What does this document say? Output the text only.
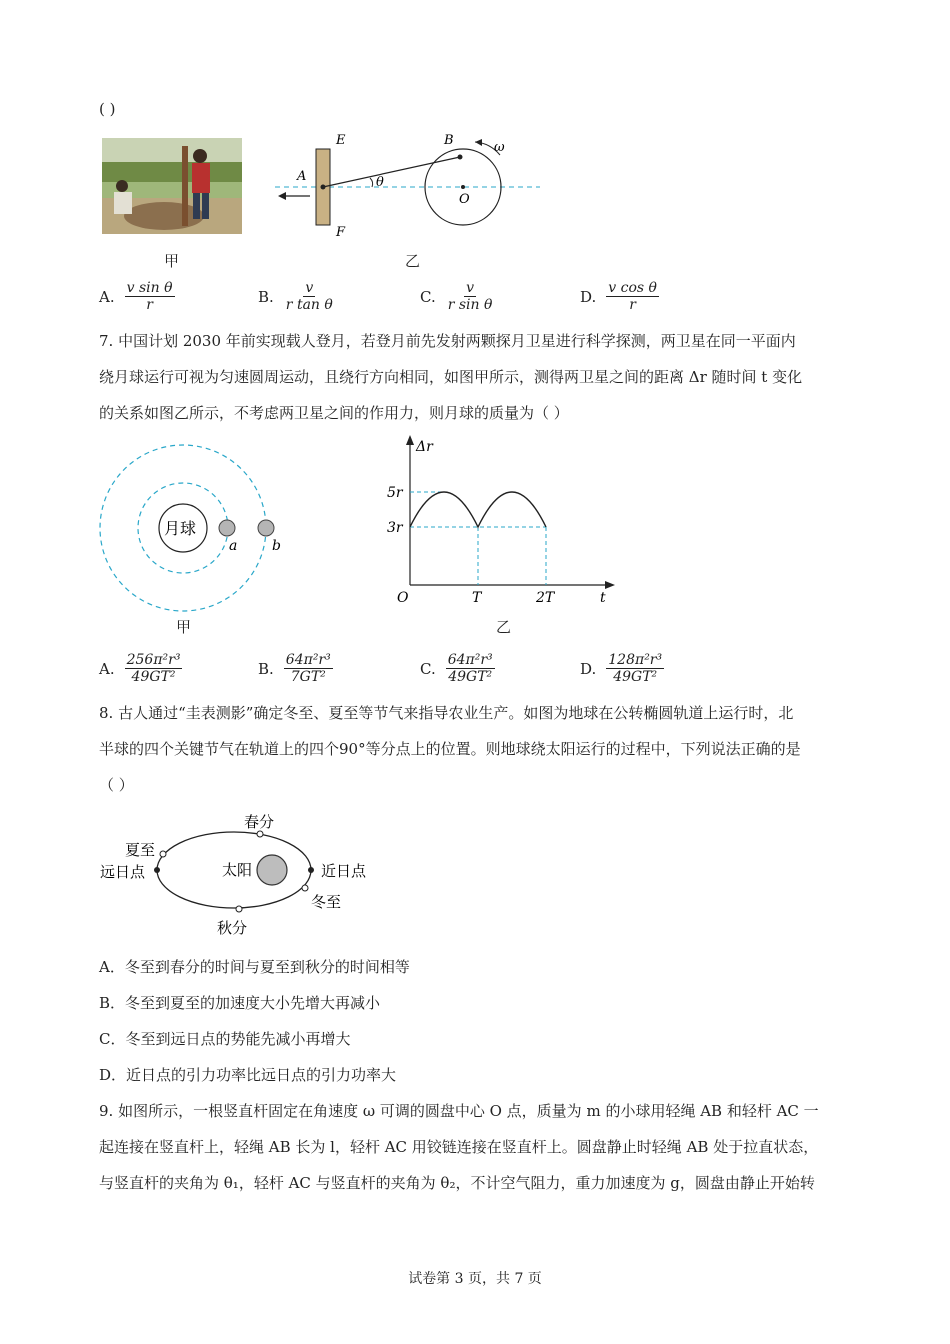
( )
甲
E
F
A
B
O
θ
ω
乙
A. $\frac{\text{v sin θ}}{r}$	B. $\frac{v}{\text{r tan θ}}$	C. $\frac{v}{\text{r sin θ}}$	D. $\frac{\text{v cos θ}}{r}$
7. 中国计划 2030 年前实现载人登月，若登月前先发射两颗探月卫星进行科学探测，两卫星在同一平面内
绕月球运行可视为匀速圆周运动，且绕行方向相同，如图甲所示，测得两卫星之间的距离 Δr 随时间 t 变化
的关系如图乙所示，不考虑两卫星之间的作用力，则月球的质量为（ ）
月球
a b
甲
Δr
t
O
5r
3r
T	2T
乙
A. $\frac{\text{256π²r³}}{\text{49GT²}}$	B. $\frac{\text{64π²r³}}{\text{7GT²}}$	C. $\frac{\text{64π²r³}}{\text{49GT²}}$	D. $\frac{\text{128π²r³}}{\text{49GT²}}$
8. 古人通过“圭表测影”确定冬至、夏至等节气来指导农业生产。如图为地球在公转椭圆轨道上运行时，北
半球的四个关键节气在轨道上的四个90°等分点上的位置。则地球绕太阳运行的过程中，下列说法正确的是
（ ）
春分
夏至
远日点	太阳	近日点
冬至
秋分
A．冬至到春分的时间与夏至到秋分的时间相等
B．冬至到夏至的加速度大小先增大再减小
C．冬至到远日点的势能先减小再增大
D．近日点的引力功率比远日点的引力功率大
9. 如图所示，一根竖直杆固定在角速度 ω 可调的圆盘中心 O 点，质量为 m 的小球用轻绳 AB 和轻杆 AC 一
起连接在竖直杆上，轻绳 AB 长为 l，轻杆 AC 用铰链连接在竖直杆上。圆盘静止时轻绳 AB 处于拉直状态，
与竖直杆的夹角为 θ₁，轻杆 AC 与竖直杆的夹角为 θ₂，不计空气阻力，重力加速度为 g，圆盘由静止开始转
试卷第 3 页，共 7 页
